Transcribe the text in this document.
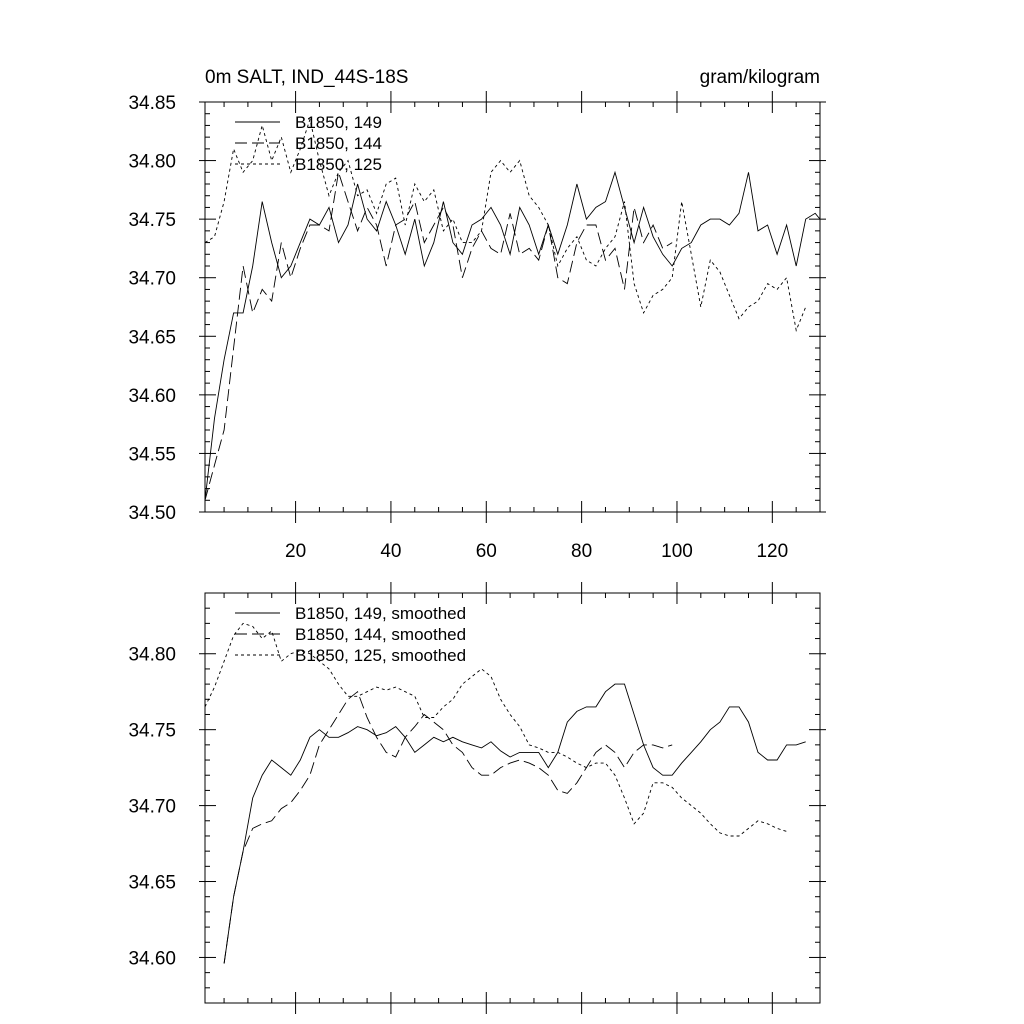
0m SALT, IND_44S-18S	gram/kilogram
20	40	60	80	100	120
34.50
34.55
34.60
34.65
34.70
34.75
34.80
34.85
B1850, 149
B1850, 144
B1850, 125
34.60
34.65
34.70
34.75
34.80
B1850, 149, smoothed
B1850, 144, smoothed
B1850, 125, smoothed
